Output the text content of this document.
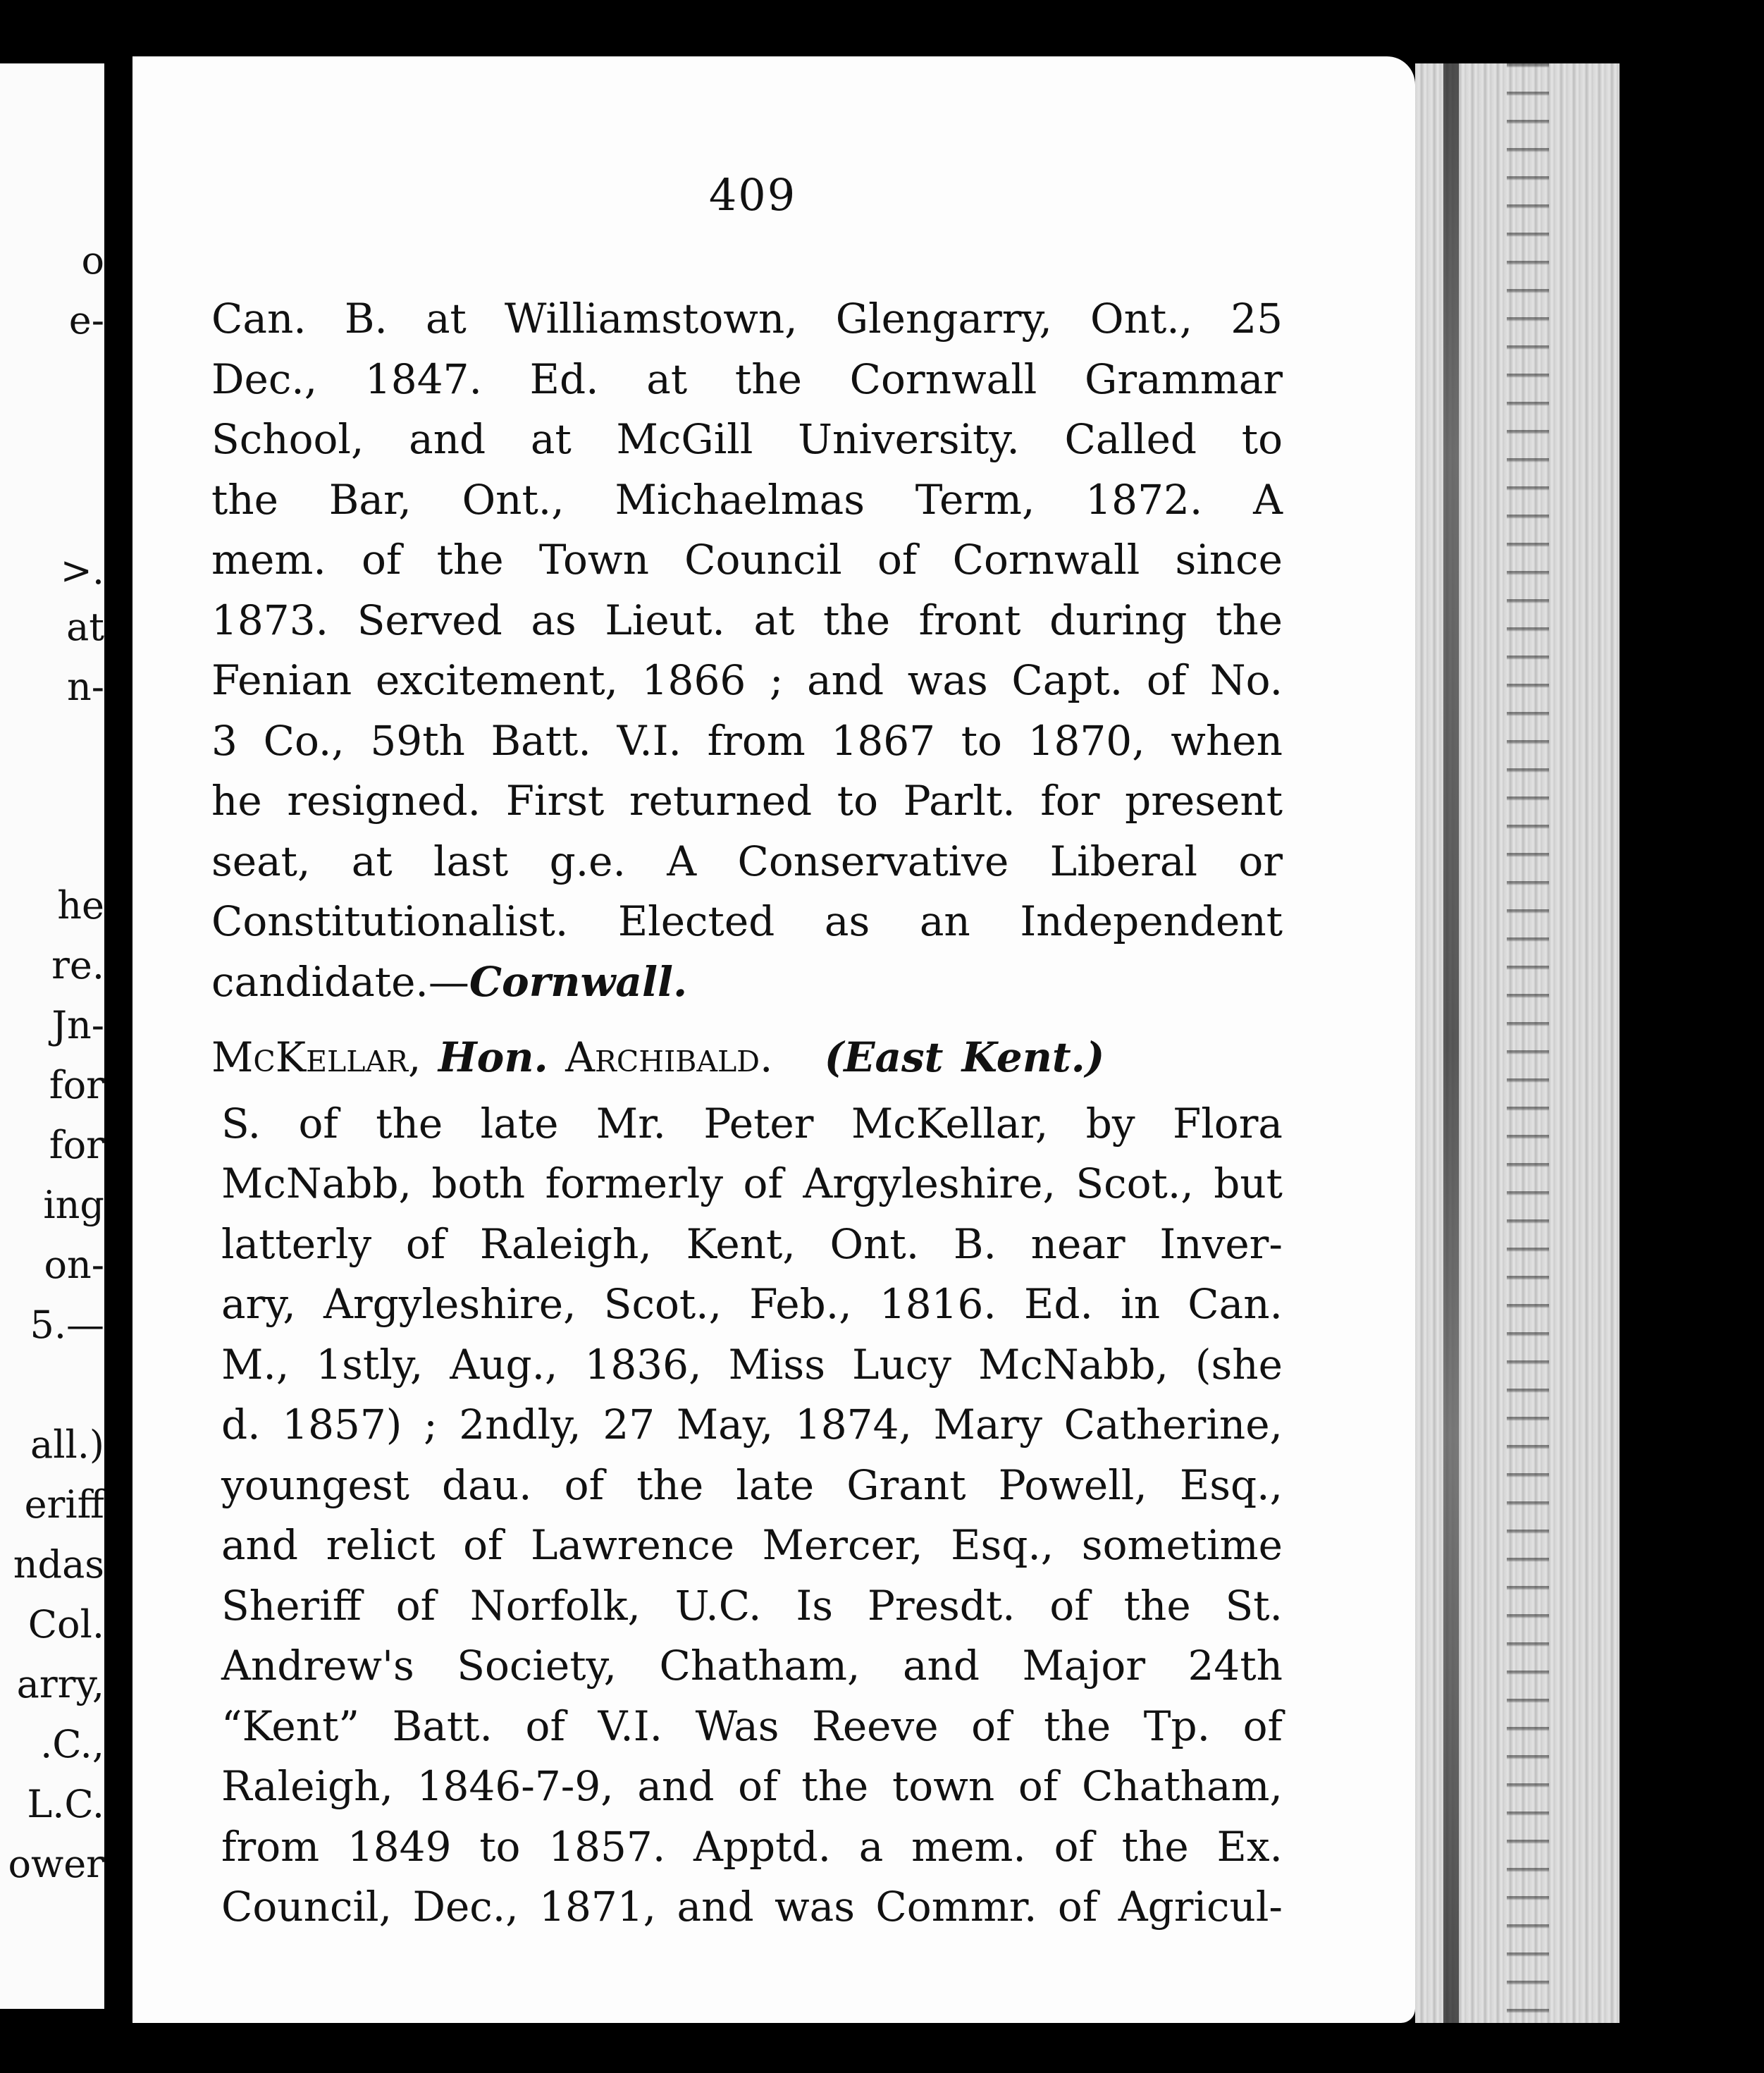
o
e-
>.
at
n-
he
re.
Jn-
for
for
ing
on-
5.—
all.)
eriff
ndas
Col.
arry,
.C.,
L.C.
ower
409
Can. B. at Williamstown, Glengarry, Ont., 25
Dec., 1847. Ed. at the Cornwall Grammar
School, and at McGill University. Called to
the Bar, Ont., Michaelmas Term, 1872. A
mem. of the Town Council of Cornwall since
1873. Served as Lieut. at the front during the
Fenian excitement, 1866 ; and was Capt. of No.
3 Co., 59th Batt. V.I. from 1867 to 1870, when
he resigned. First returned to Parlt. for present
seat, at last g.e. A Conservative Liberal or
Constitutionalist. Elected as an Independent
candidate.—Cornwall.
McKellar, Hon. Archibald. (East Kent.)
S. of the late Mr. Peter McKellar, by Flora
McNabb, both formerly of Argyleshire, Scot., but
latterly of Raleigh, Kent, Ont. B. near Inver-
ary, Argyleshire, Scot., Feb., 1816. Ed. in Can.
M., 1stly, Aug., 1836, Miss Lucy McNabb, (she
d. 1857) ; 2ndly, 27 May, 1874, Mary Catherine,
youngest dau. of the late Grant Powell, Esq.,
and relict of Lawrence Mercer, Esq., sometime
Sheriff of Norfolk, U.C. Is Presdt. of the St.
Andrew's Society, Chatham, and Major 24th
“Kent” Batt. of V.I. Was Reeve of the Tp. of
Raleigh, 1846-7-9, and of the town of Chatham,
from 1849 to 1857. Apptd. a mem. of the Ex.
Council, Dec., 1871, and was Commr. of Agricul-
